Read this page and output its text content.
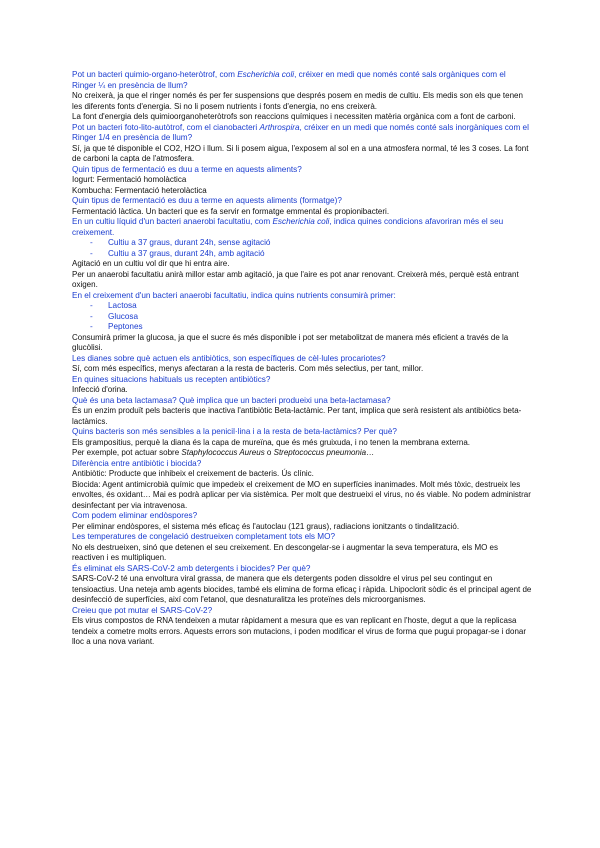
Pot un bacteri quimio-organo-heteròtrof, com Escherichia coli, créixer en medi que només conté sals orgàniques com el Ringer ¼ en presència de llum?

No creixerà, ja que el ringer només és per fer suspensions que després posem en medis de cultiu. Els medis son els que tenen les diferents fonts d'energia. Si no li posem nutrients i fonts d'energia, no ens creixerà.

La font d'energia dels quimioorganoheteròtrofs son reaccions químiques i necessiten matèria orgànica com a font de carboni.

Pot un bacteri foto-lito-autòtrof, com el cianobacteri Arthrospira, créixer en un medi que només conté sals inorgàniques com el Ringer 1/4 en presència de llum?

Sí, ja que té disponible el CO2, H2O i llum. Si li posem aigua, l'exposem al sol en a una atmosfera normal, té les 3 coses. La font de carboni la capta de l'atmosfera.

Quin tipus de fermentació es duu a terme en aquests aliments?

Iogurt: Fermentació homolàctica

Kombucha: Fermentació heterolàctica

Quin tipus de fermentació es duu a terme en aquests aliments (formatge)?

Fermentació làctica. Un bacteri que es fa servir en formatge emmental és propionibacteri.

En un cultiu líquid d'un bacteri anaerobi facultatiu, com Escherichia coli, indica quines condicions afavoriran més el seu creixement.

- Cultiu a 37 graus, durant 24h, sense agitació
- Cultiu a 37 graus, durant 24h, amb agitació

Agitació en un cultiu vol dir que hi entra aire.

Per un anaerobi facultatiu anirà millor estar amb agitació, ja que l'aire es pot anar renovant. Creixerà més, perquè està entrant oxigen.

En el creixement d'un bacteri anaerobi facultatiu, indica quins nutrients consumirà primer:

- Lactosa
- Glucosa
- Peptones

Consumirà primer la glucosa, ja que el sucre és més disponible i pot ser metabolitzat de manera més eficient a través de la glucòlisi.

Les dianes sobre què actuen els antibiòtics, son específiques de cèl·lules procariotes?

Sí, com més específics, menys afectaran a la resta de bacteris. Com més selectius, per tant, millor.

En quines situacions habituals us recepten antibiòtics?

Infecció d'orina.

Què és una beta lactamasa? Què implica que un bacteri produeixi una beta-lactamasa?

És un enzim produït pels bacteris que inactiva l'antibiòtic Beta-lactàmic. Per tant, implica que serà resistent als antibiòtics beta-lactàmics.

Quins bacteris son més sensibles a la penicil·lina i a la resta de beta-lactàmics? Per què?

Els grampositius, perquè la diana és la capa de mureïna, que és més gruixuda, i no tenen la membrana externa.

Per exemple, pot actuar sobre Staphylococcus Aureus o Streptococcus pneumonia…

Diferència entre antibiòtic i biocida?

Antibiòtic: Producte que inhibeix el creixement de bacteris. Ús clínic.

Biocida: Agent antimicrobià químic que impedeix el creixement de MO en superfícies inanimades. Molt més tòxic, destrueix les envoltes, és oxidant… Mai es podrà aplicar per via sistèmica. Per molt que destrueixi el virus, no és viable. No podem administrar desinfectant per via intravenosa.

Com podem eliminar endòspores?

Per eliminar endòspores, el sistema més eficaç és l'autoclau (121 graus), radiacions ionitzants o tindalització.

Les temperatures de congelació destrueixen completament tots els MO?

No els destrueixen, sinó que detenen el seu creixement. En descongelar-se i augmentar la seva temperatura, els MO es reactiven i es multipliquen.

És eliminat els SARS-CoV-2 amb detergents i biocides? Per què?

SARS-CoV-2 té una envoltura viral grassa, de manera que els detergents poden dissoldre el virus pel seu contingut en tensioactius. Una neteja amb agents biocides, també els elimina de forma eficaç i ràpida. Lhipoclorit sòdic és el principal agent de desinfecció de superfícies, així com l'etanol, que desnaturalitza les proteïnes dels microorganismes.

Creieu que pot mutar el SARS-CoV-2?

Els virus compostos de RNA tendeixen a mutar ràpidament a mesura que es van replicant en l'hoste, degut a que la replicasa tendeix a cometre molts errors. Aquests errors son mutacions, i poden modificar el virus de forma que pugui propagar-se i donar lloc a una nova variant.
